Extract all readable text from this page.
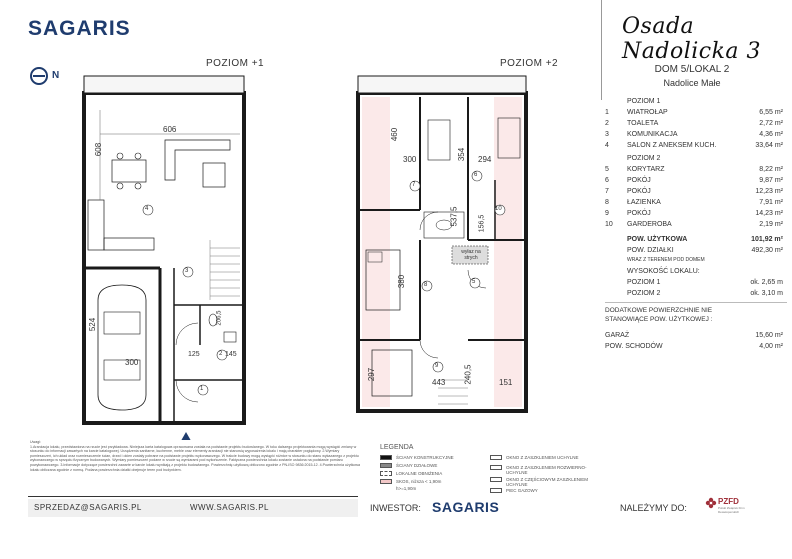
SAGARIS	Osada Nadolicka 3
N
POZIOM +1	POZIOM +2
1
2
3
4
5
6
7
8
9
10
606
608
524
300
125	145
206,5
460
300	354 294
537,5	156,5
380
297
443 240,5	151
wyłaz na strych
DOM 5/LOKAL 2
Nadolice Małe
POZIOM 1
1	WIATROŁAP	6,55 m²
2	TOALETA	2,72 m²
3	KOMUNIKACJA	4,36 m²
4	SALON Z ANEKSEM KUCH.	33,64 m²
POZIOM 2
5	KORYTARZ	8,22 m²
6	POKÓJ	9,87 m²
7	POKÓJ	12,23 m²
8	ŁAZIENKA	7,91 m²
9	POKÓJ	14,23 m²
10	GARDEROBA	2,19 m²
POW. UŻYTKOWA	101,92 m²
POW. DZIAŁKI	492,30 m²
WRAZ Z TERENEM POD DOMEM
WYSOKOŚĆ LOKALU:
POZIOM 1	ok. 2,65 m
POZIOM 2	ok. 3,10 m
DODATKOWE POWIERZCHNIE NIE STANOWIĄCE POW. UŻYTKOWEJ :
GARAŻ	15,60 m²
POW. SCHODÓW	4,00 m²
Uwagi:
1.Aranżacja lokalu, przedstawiona na rzucie jest przykładowa. Niniejsza karta katalogowa opracowana została na podstawie projektu budowlanego. W toku dalszego projektowania mogą wystąpić zmiany w stosunku do informacji zawartych na karcie katalogowej. Urządzenia sanitarne, kuchenne, meble oraz elementy aranżacji nie stanowią wyposażenia lokalu i mają charakter poglądowy. 2.Wymiary pomieszczeń, ich układ oraz rozmieszczenie ścian, drzwi i okien zostały pobrane na podstawie projektu wykonawczego. W trakcie budowy mogą wystąpić różnice w stosunku do stanu wykazanego z projektu wykonawczego w sprzęciu fizycznym budowanych. Wymiary pomieszczeń podane w rzucie są wymiarami pod wykończenie. Faktyczna powierzchnia lokalu zostanie ustalona na podstawie pomiaru powykonawczego. 3.Informacje dotyczące powierzchni zawarte w karcie lokalu wynikają z projektu budowlanego. Powierzchnię użytkową obliczono zgodnie z PN-ISO 9836:2015-12. 4.Powierzchnia użytkowa lokalu obliczana zgodnie z normą. Podana powierzchnia działki obejmuje teren pod budynkiem.
LEGENDA
ŚCIANY KONSTRUKCYJNE
ŚCIANY DZIAŁOWE
LOKALNE OBNIŻENIA
SKOS, niższa < 1,90m
h>=1,90m
OKNO Z ZASZKLENIEM UCHYLNE
OKNO Z ZASZKLENIEM ROZWIERNO-UCHYLNE
OKNO Z CZĘŚCIOWYM ZASZKLENIEM UCHYLNE
PIEC GAZOWY
SPRZEDAZ@SAGARIS.PL	WWW.SAGARIS.PL	INWESTOR: SAGARIS	NALEŻYMY DO:
PZFD
Polski Związek Firm Deweloperskich
